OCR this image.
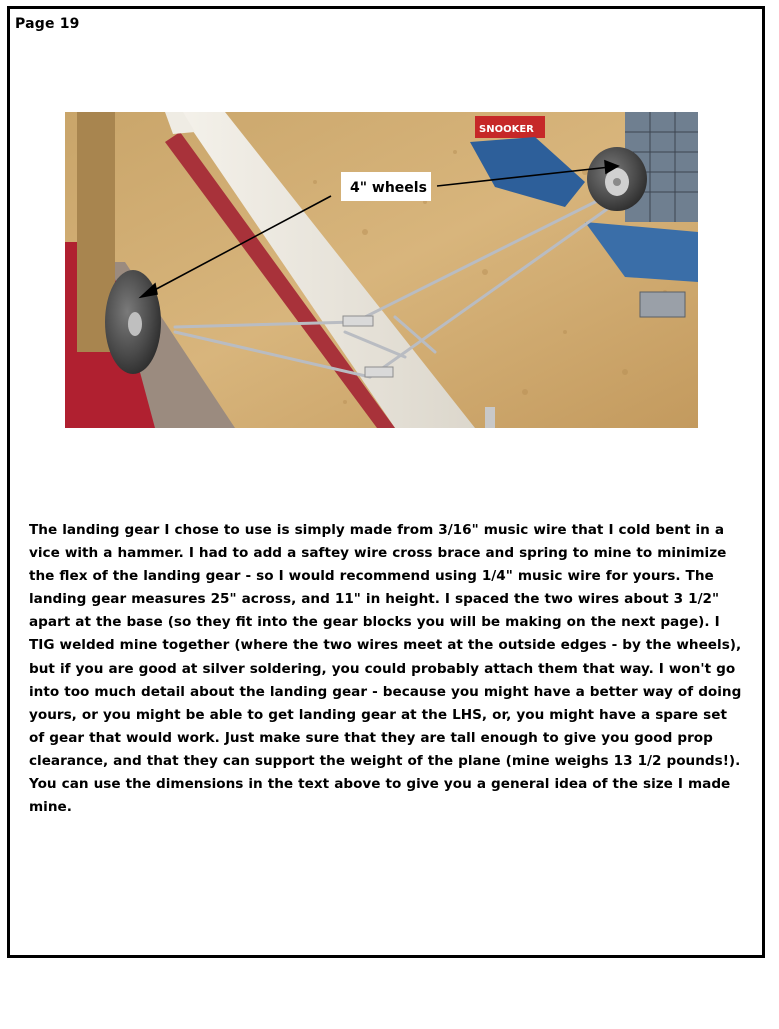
Page 19
SNOOKER
4" wheels

The landing gear I chose to use is simply made from 3/16" music wire that I cold bent in a vice with a hammer. I had to add a saftey wire cross brace and spring to mine to minimize the flex of the landing gear - so I would recommend using 1/4" music wire for yours. The landing gear measures 25" across, and 11" in height. I spaced the two wires about 3 1/2" apart at the base (so they fit into the gear blocks you will be making on the next page). I TIG welded mine together (where the two wires meet at the outside edges - by the wheels), but if you are good at silver soldering, you could probably attach them that way. I won't go into too much detail about the landing gear - because you might have a better way of doing yours, or you might be able to get landing gear at the LHS, or, you might have a spare set of gear that would work. Just make sure that they are tall enough to give you good prop clearance, and that they can support the weight of the plane (mine weighs 13 1/2 pounds!). You can use the dimensions in the text above to give you a general idea of the size I made mine.
